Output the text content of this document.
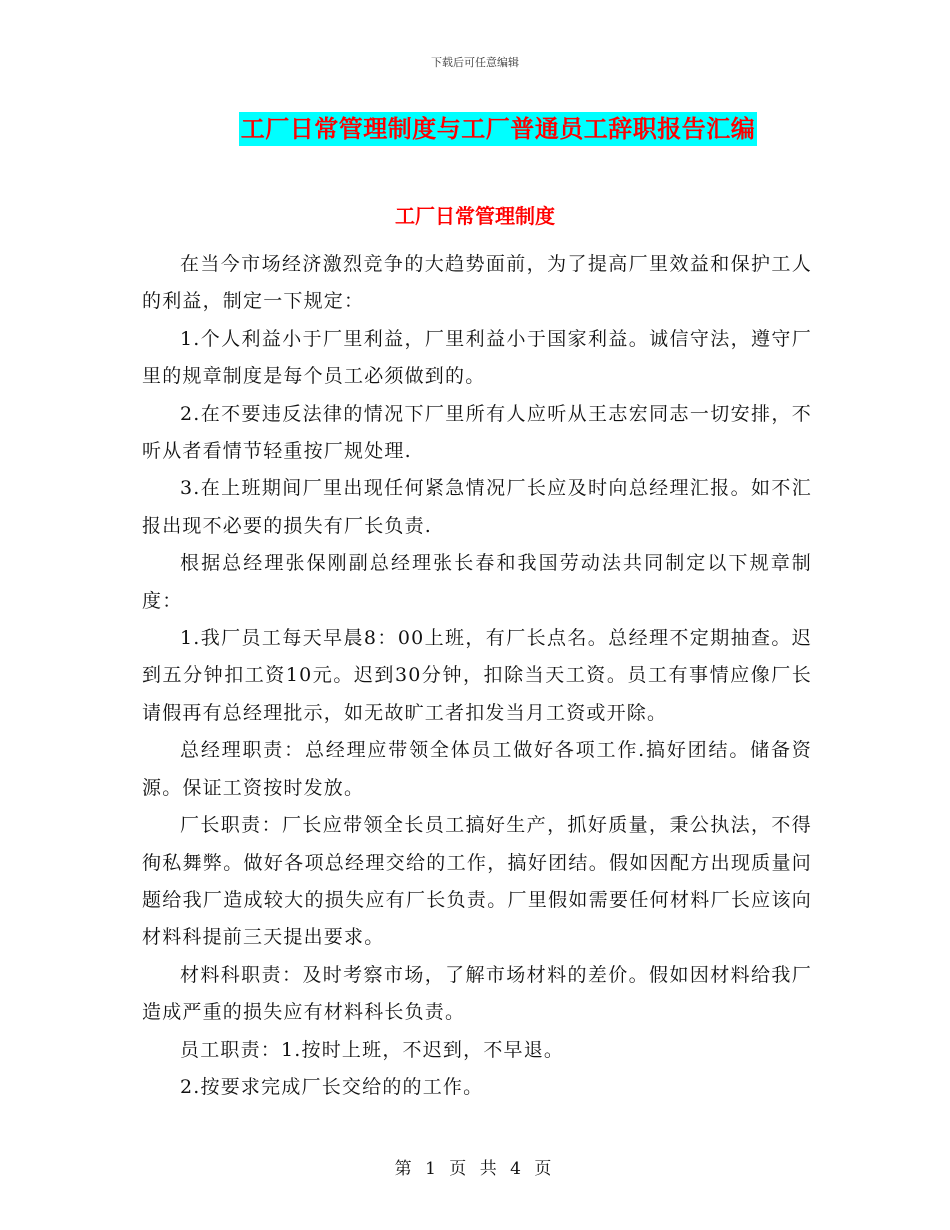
下载后可任意编辑
工厂日常管理制度与工厂普通员工辞职报告汇编
工厂日常管理制度

在当今市场经济激烈竞争的大趋势面前，为了提高厂里效益和保护工人的利益，制定一下规定：

1.个人利益小于厂里利益，厂里利益小于国家利益。诚信守法，遵守厂里的规章制度是每个员工必须做到的。

2.在不要违反法律的情况下厂里所有人应听从王志宏同志一切安排，不听从者看情节轻重按厂规处理.

3.在上班期间厂里出现任何紧急情况厂长应及时向总经理汇报。如不汇报出现不必要的损失有厂长负责.

根据总经理张保刚副总经理张长春和我国劳动法共同制定以下规章制度：

1.我厂员工每天早晨8：00上班，有厂长点名。总经理不定期抽查。迟到五分钟扣工资10元。迟到30分钟，扣除当天工资。员工有事情应像厂长请假再有总经理批示，如无故旷工者扣发当月工资或开除。

总经理职责：总经理应带领全体员工做好各项工作.搞好团结。储备资源。保证工资按时发放。

厂长职责：厂长应带领全长员工搞好生产，抓好质量，秉公执法，不得徇私舞弊。做好各项总经理交给的工作，搞好团结。假如因配方出现质量问题给我厂造成较大的损失应有厂长负责。厂里假如需要任何材料厂长应该向材料科提前三天提出要求。

材料科职责：及时考察市场，了解市场材料的差价。假如因材料给我厂造成严重的损失应有材料科长负责。

员工职责：1.按时上班，不迟到，不早退。

2.按要求完成厂长交给的的工作。

第 1 页 共 4 页
